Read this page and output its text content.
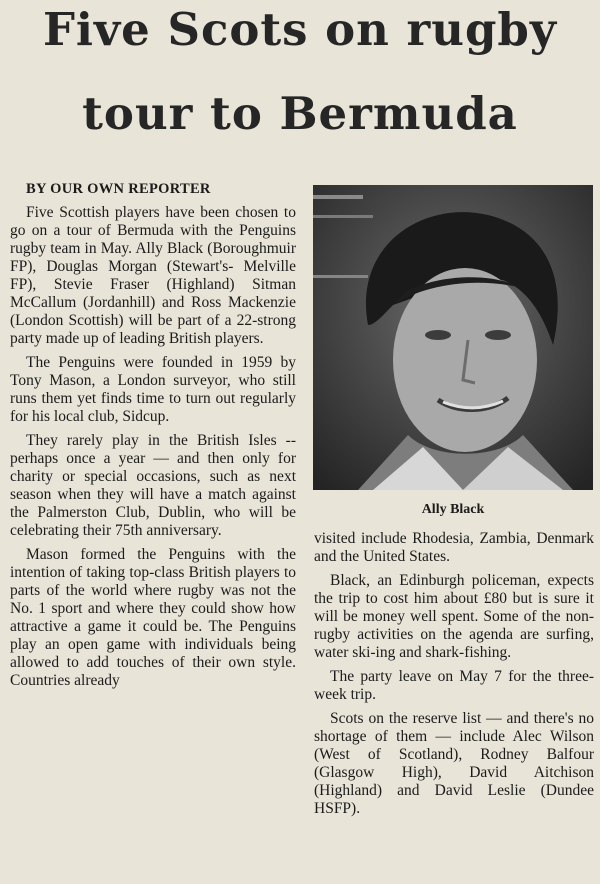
Five Scots on rugby
tour to Bermuda
BY OUR OWN REPORTER

Five Scottish players have been chosen to go on a tour of Bermuda with the Penguins rugby team in May. Ally Black (Boroughmuir FP), Douglas Morgan (Stewart's- Melville FP), Stevie Fraser (Highland) Sitman McCallum (Jordanhill) and Ross Mackenzie (London Scottish) will be part of a 22-strong party made up of leading British players.

The Penguins were founded in 1959 by Tony Mason, a London surveyor, who still runs them yet finds time to turn out regularly for his local club, Sidcup.

They rarely play in the British Isles -- perhaps once a year — and then only for charity or special occasions, such as next season when they will have a match against the Palmerston Club, Dublin, who will be celebrating their 75th anniversary.

Mason formed the Penguins with the intention of taking top-class British players to parts of the world where rugby was not the No. 1 sport and where they could show how attractive a game it could be. The Penguins play an open game with individuals being allowed to add touches of their own style. Countries already

Ally Black

visited include Rhodesia, Zambia, Denmark and the United States.

Black, an Edinburgh policeman, expects the trip to cost him about £80 but is sure it will be money well spent. Some of the non-rugby activities on the agenda are surfing, water ski-ing and shark-fishing.

The party leave on May 7 for the three-week trip.

Scots on the reserve list — and there's no shortage of them — include Alec Wilson (West of Scotland), Rodney Balfour (Glasgow High), David Aitchison (Highland) and David Leslie (Dundee HSFP).
